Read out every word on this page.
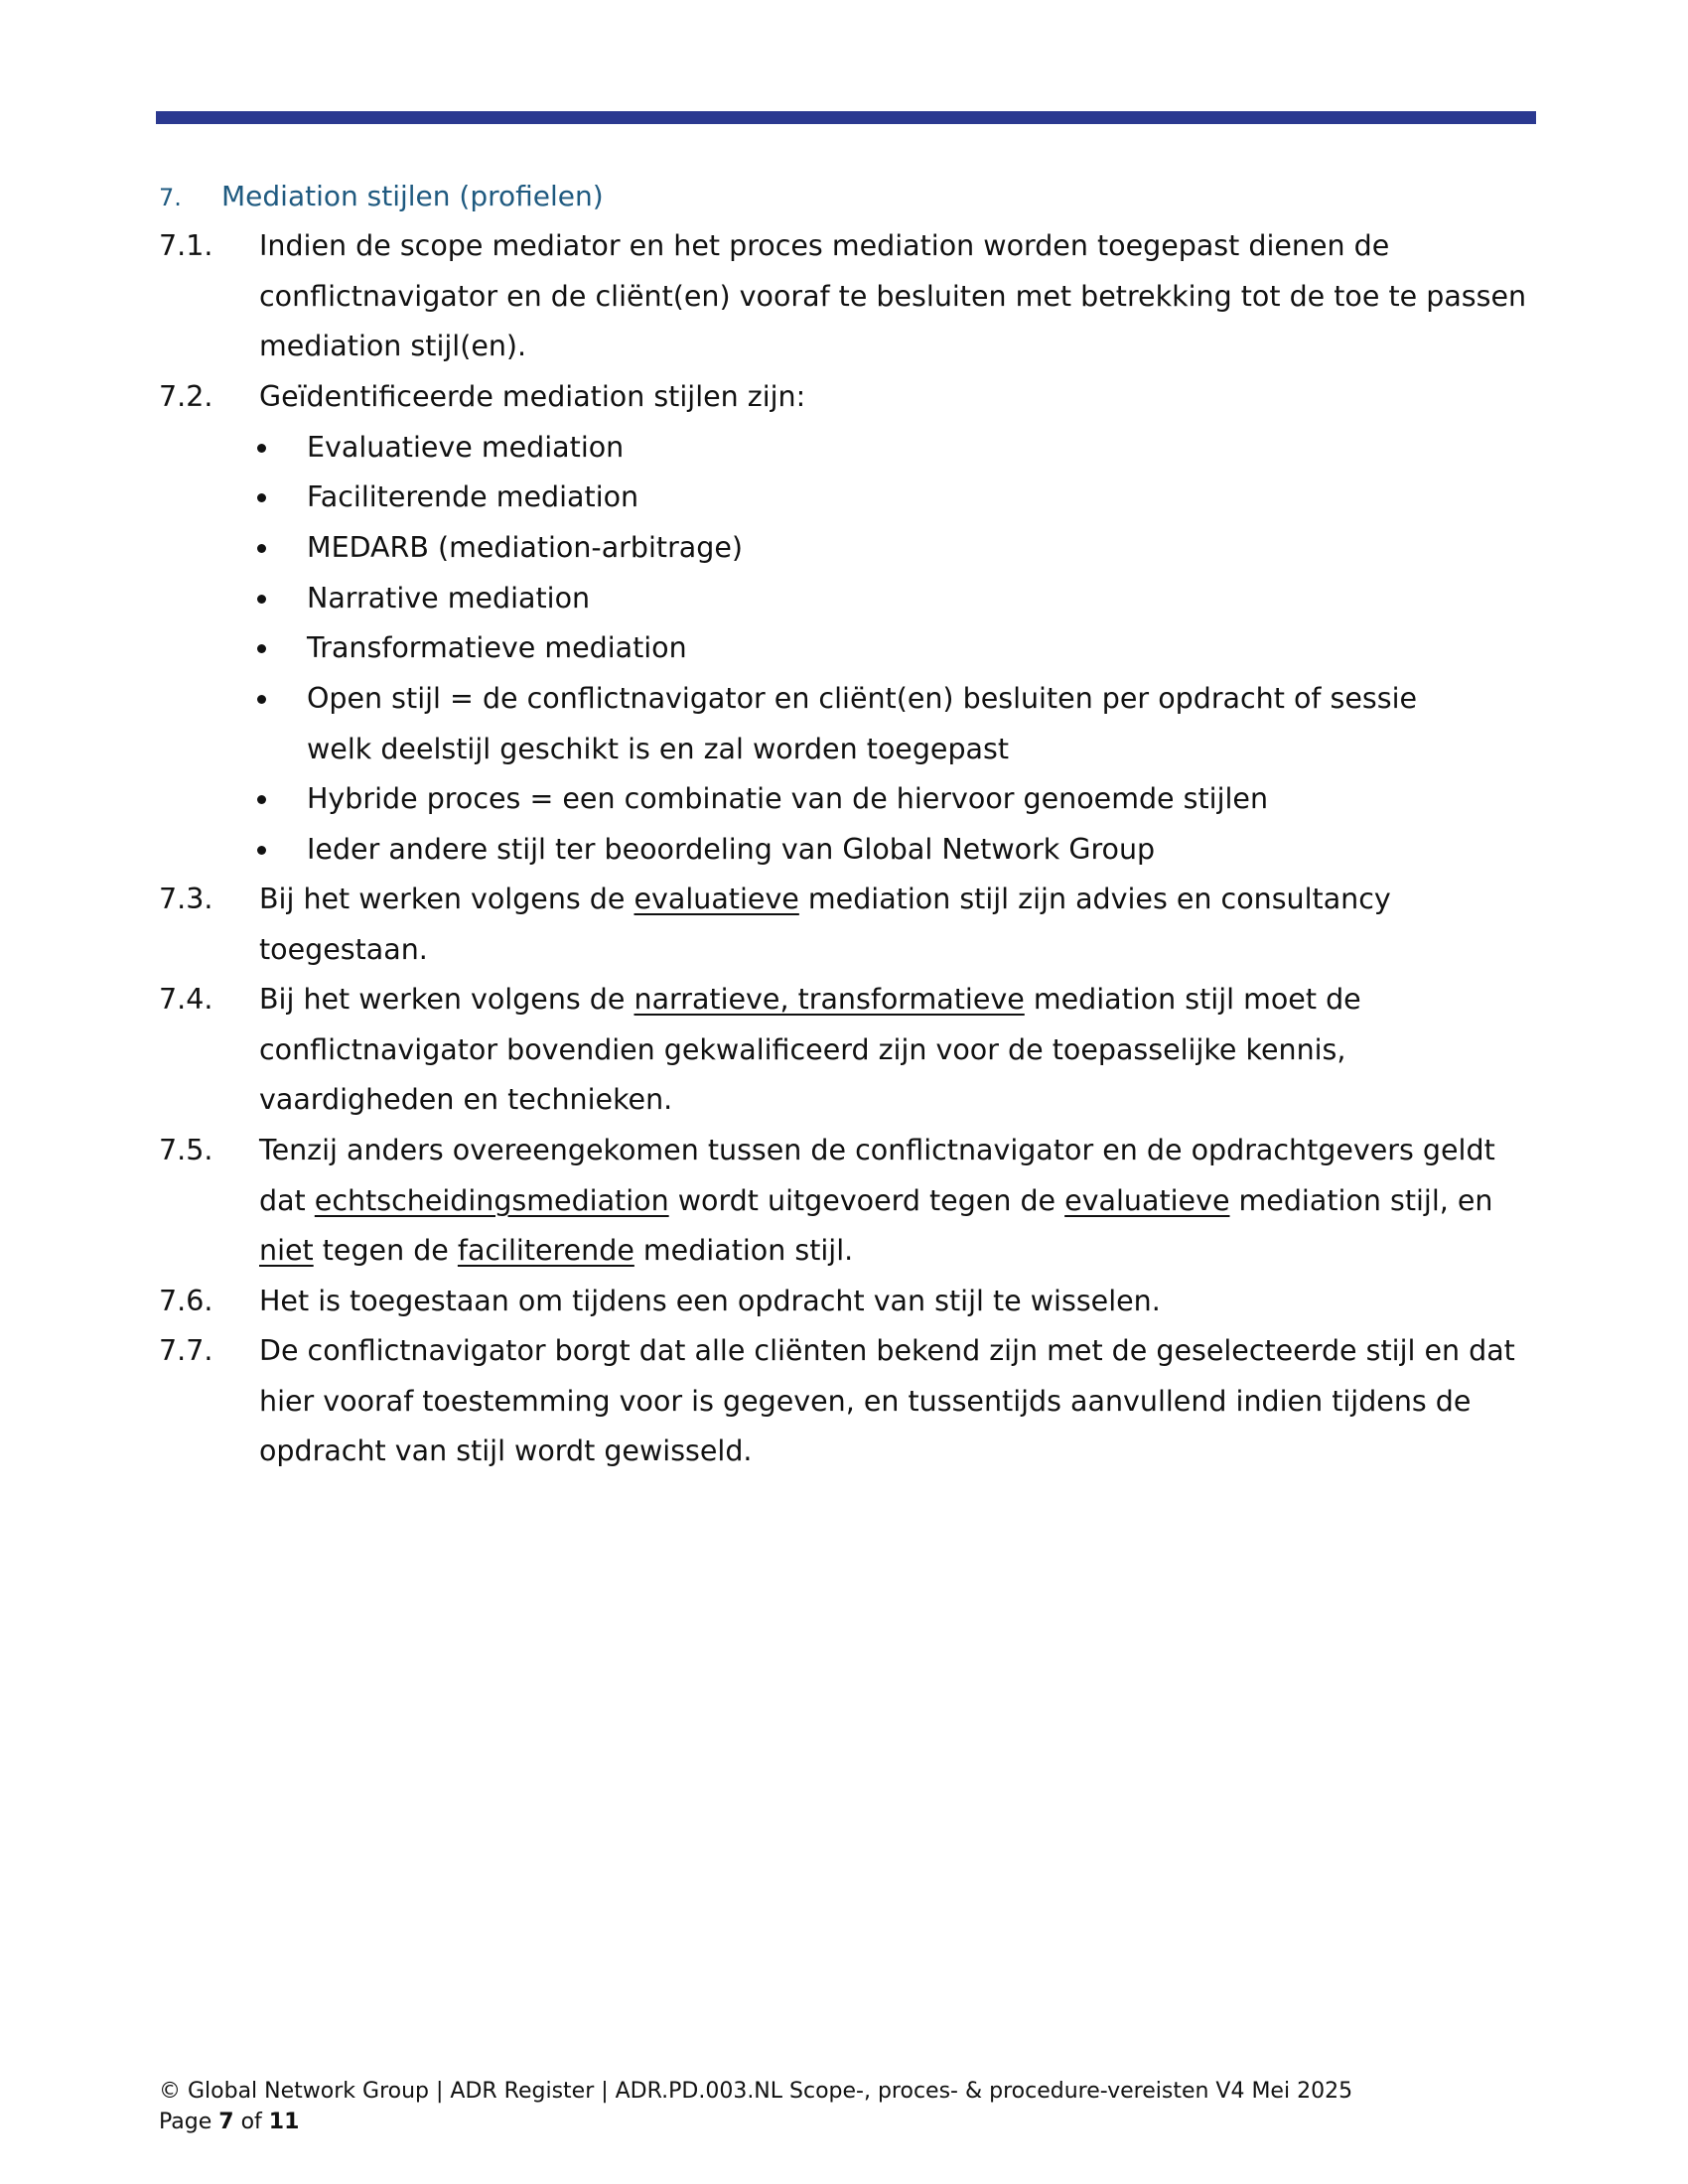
7. Mediation stijlen (profielen)
7.1.	Indien de scope mediator en het proces mediation worden toegepast dienen de conflictnavigator en de cliënt(en) vooraf te besluiten met betrekking tot de toe te passen mediation stijl(en).
7.2.	Geïdentificeerde mediation stijlen zijn:
Evaluatieve mediation
Faciliterende mediation
MEDARB (mediation-arbitrage)
Narrative mediation
Transformatieve mediation
Open stijl = de conflictnavigator en cliënt(en) besluiten per opdracht of sessie welk deelstijl geschikt is en zal worden toegepast
Hybride proces = een combinatie van de hiervoor genoemde stijlen
Ieder andere stijl ter beoordeling van Global Network Group
7.3.	Bij het werken volgens de evaluatieve mediation stijl zijn advies en consultancy toegestaan.
7.4.	Bij het werken volgens de narratieve, transformatieve mediation stijl moet de conflictnavigator bovendien gekwalificeerd zijn voor de toepasselijke kennis, vaardigheden en technieken.
7.5.	Tenzij anders overeengekomen tussen de conflictnavigator en de opdrachtgevers geldt dat echtscheidingsmediation wordt uitgevoerd tegen de evaluatieve mediation stijl, en niet tegen de faciliterende mediation stijl.
7.6.	Het is toegestaan om tijdens een opdracht van stijl te wisselen.
7.7.	De conflictnavigator borgt dat alle cliënten bekend zijn met de geselecteerde stijl en dat hier vooraf toestemming voor is gegeven, en tussentijds aanvullend indien tijdens de opdracht van stijl wordt gewisseld.
© Global Network Group | ADR Register | ADR.PD.003.NL Scope-, proces- & procedure-vereisten V4 Mei 2025
Page 7 of 11
